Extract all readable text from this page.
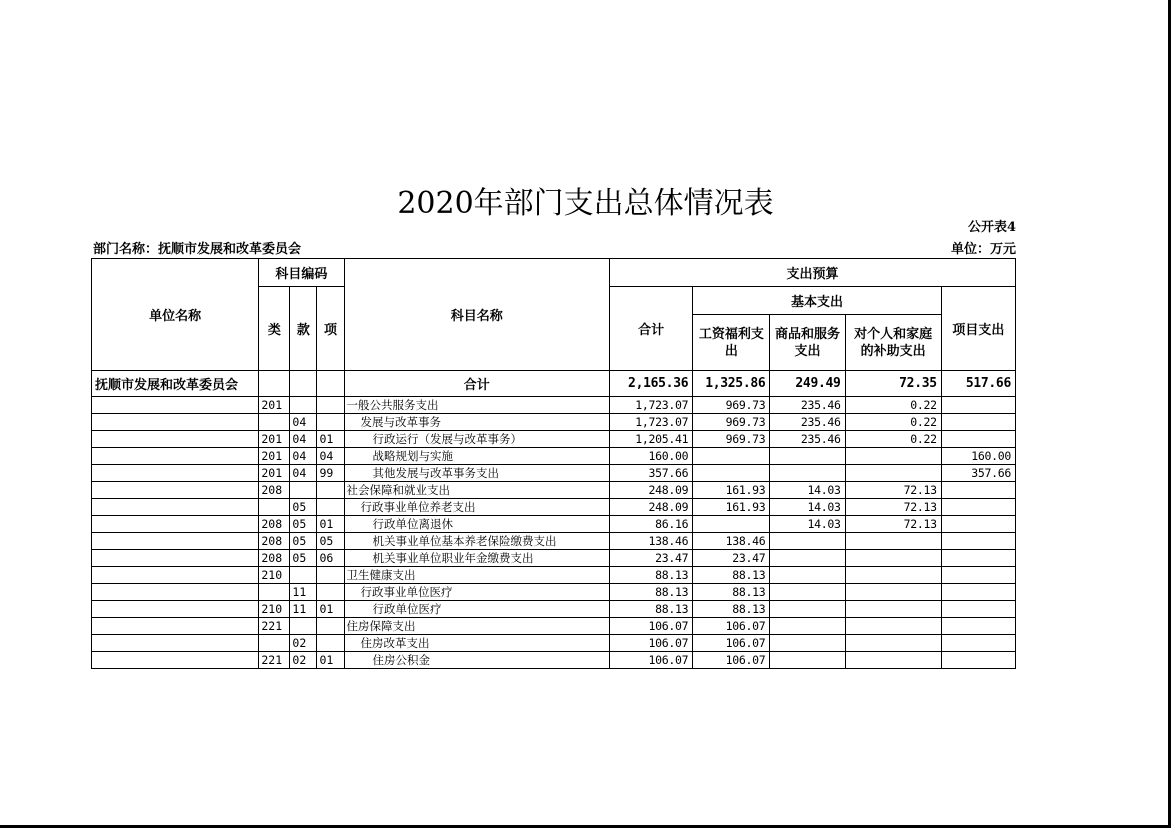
2020年部门支出总体情况表
公开表4
部门名称：抚顺市发展和改革委员会	单位：万元
单位名称	科目编码			科目名称	支出预算				
	类	款	项		合计	基本支出			项目支出
						工资福利支出	商品和服务支出	对个人和家庭的补助支出	
抚顺市发展和改革委员会				合计	2,165.36	1,325.86	249.49	72.35	517.66
	201			一般公共服务支出	1,723.07	969.73	235.46	0.22	
		04		发展与改革事务	1,723.07	969.73	235.46	0.22	
	201	04	01	行政运行（发展与改革事务）	1,205.41	969.73	235.46	0.22	
	201	04	04	战略规划与实施	160.00				160.00
	201	04	99	其他发展与改革事务支出	357.66				357.66
	208			社会保障和就业支出	248.09	161.93	14.03	72.13	
		05		行政事业单位养老支出	248.09	161.93	14.03	72.13	
	208	05	01	行政单位离退休	86.16		14.03	72.13	
	208	05	05	机关事业单位基本养老保险缴费支出	138.46	138.46			
	208	05	06	机关事业单位职业年金缴费支出	23.47	23.47			
	210			卫生健康支出	88.13	88.13			
		11		行政事业单位医疗	88.13	88.13			
	210	11	01	行政单位医疗	88.13	88.13			
	221			住房保障支出	106.07	106.07			
		02		住房改革支出	106.07	106.07			
	221	02	01	住房公积金	106.07	106.07			
